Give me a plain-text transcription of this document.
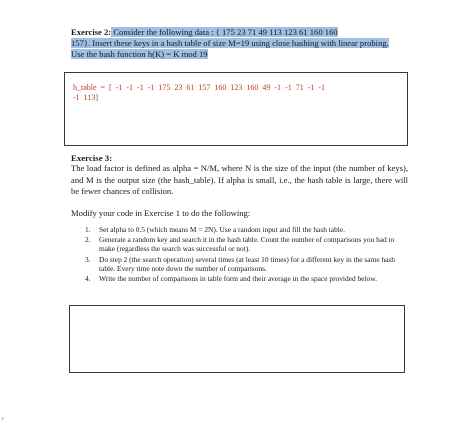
Exercise 2: Consider the following data : { 175 23 71 49 113 123 61 160 160
157}. Insert these keys in a hash table of size M=19 using close hashing with linear probing.
Use the hash function h(K) = K mod 19
h_table = [ -1 -1 -1 -1 175 23 61 157 160 123 160 49 -1 -1 71 -1 -1
-1 113]
Exercise 3:
The load factor is defined as alpha = N/M, where N is the size of the input (the number of keys), and M is the output size (the hash_table). If alpha is small, i.e., the hash table is large, there will be fewer chances of collision.
Modify your code in Exercise 1 to do the following:
1. Set alpha to 0.5 (which means M = 2N). Use a random input and fill the hash table.
2. Generate a random key and search it in the hash table. Count the number of comparisons you had to make (regardless the search was successful or not).
3. Do step 2 (the search operation) several times (at least 10 times) for a different key in the same hash table. Every time note down the number of comparisons.
4. Write the number of comparisons in table form and their average in the space provided below.
r
